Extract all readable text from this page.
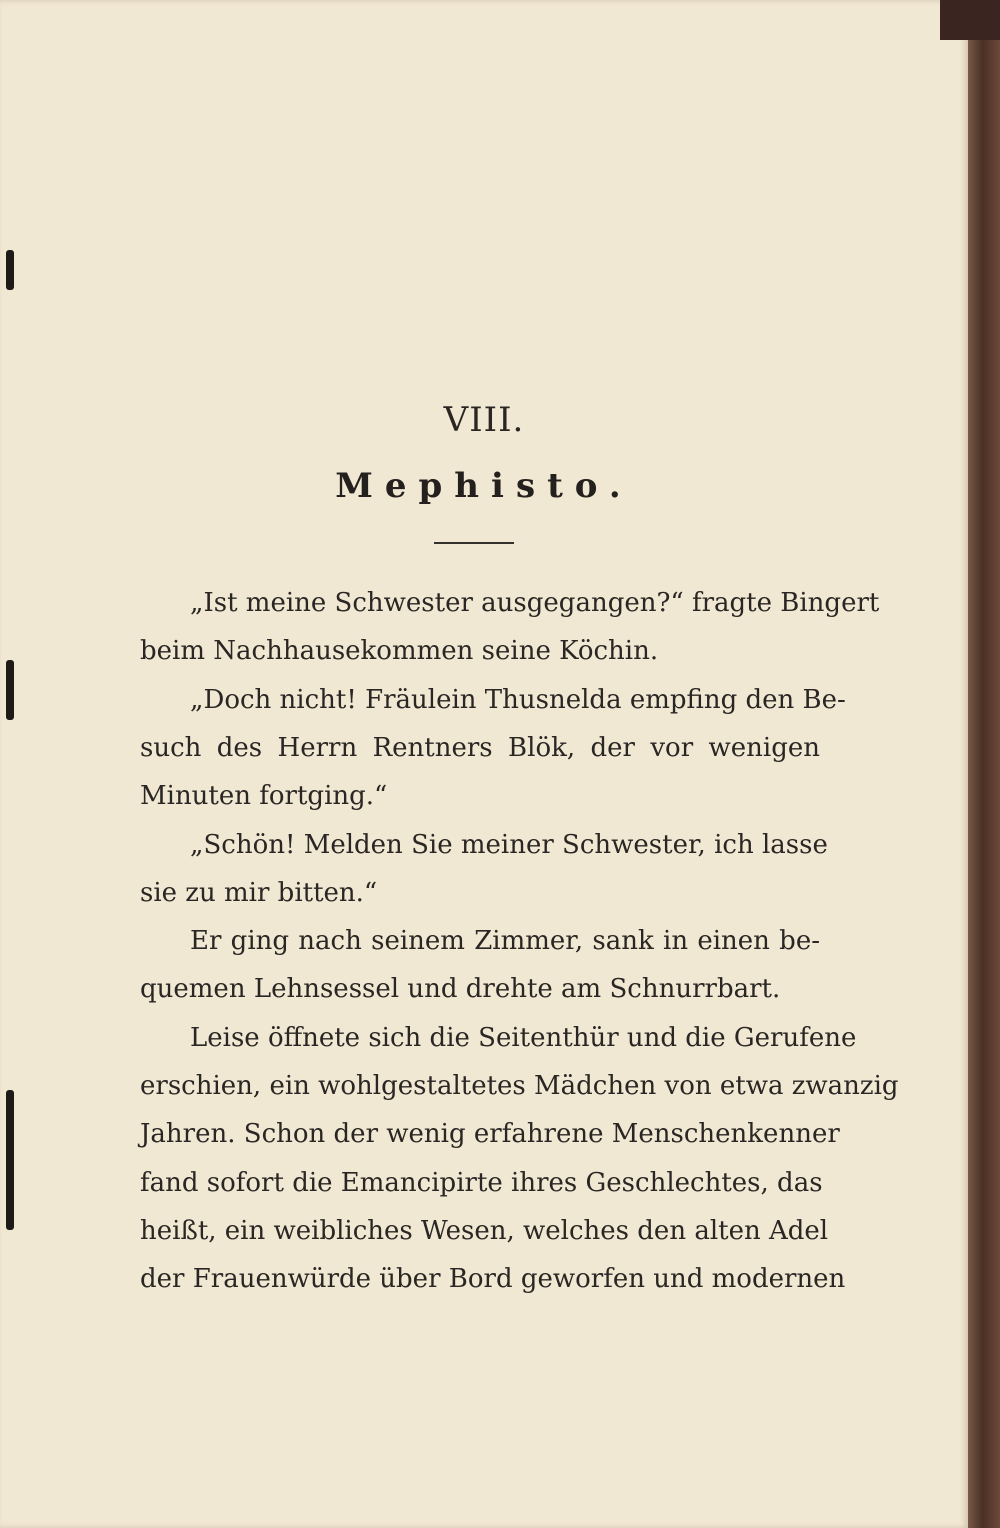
VIII.
Mephisto.
„Ist meine Schwester ausgegangen?“ fragte Bingert
beim Nachhausekommen seine Köchin.
„Doch nicht! Fräulein Thusnelda empfing den Be-
such des Herrn Rentners Blök, der vor wenigen
Minuten fortging.“
„Schön! Melden Sie meiner Schwester, ich lasse
sie zu mir bitten.“
Er ging nach seinem Zimmer, sank in einen be-
quemen Lehnsessel und drehte am Schnurrbart.
Leise öffnete sich die Seitenthür und die Gerufene
erschien, ein wohlgestaltetes Mädchen von etwa zwanzig
Jahren. Schon der wenig erfahrene Menschenkenner
fand sofort die Emancipirte ihres Geschlechtes, das
heißt, ein weibliches Wesen, welches den alten Adel
der Frauenwürde über Bord geworfen und modernen
